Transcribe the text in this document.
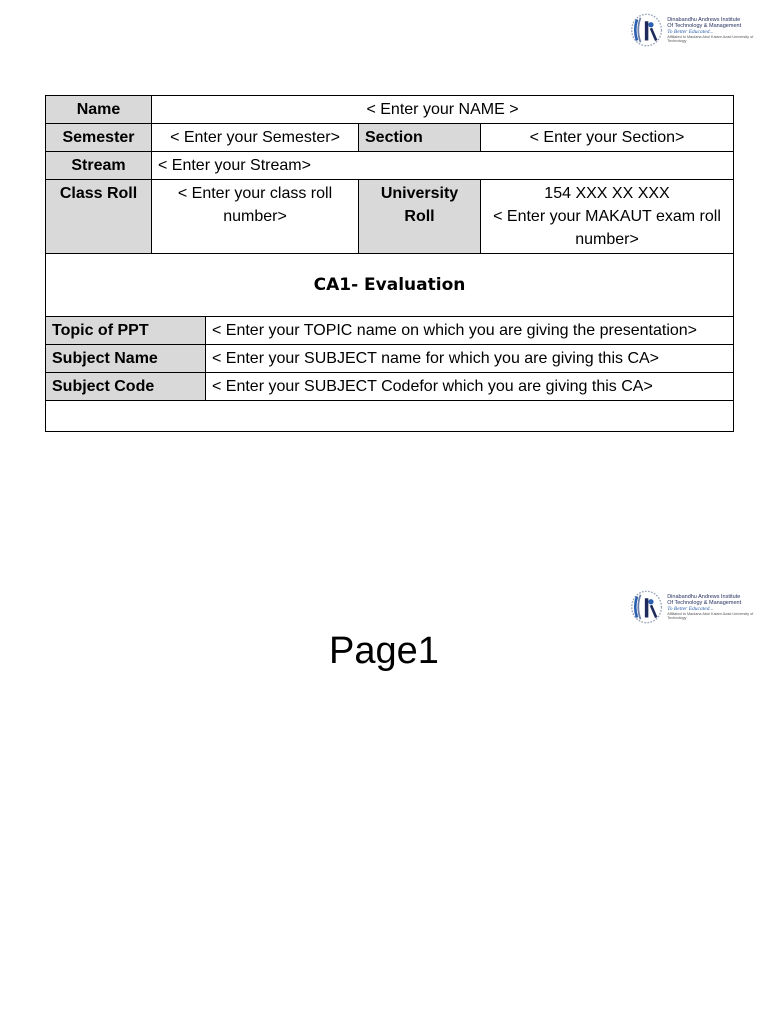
Dinabandhu Andrews Institute
Of Technology & Management
To Better Educated...
Affiliated to Maulana Abul Kalam Azad University of Technology
Name	< Enter your NAME >			
Semester	< Enter your Semester>		Section	< Enter your Section>
Stream	< Enter your Stream>			
Class Roll	< Enter your class roll number>		University Roll	154 XXX XX XXX
< Enter your MAKAUT exam roll number>

CA1- Evaluation				
Topic of PPT		< Enter your TOPIC name on which you are giving the presentation>		
Subject Name		< Enter your SUBJECT name for which you are giving this CA>		
Subject Code		< Enter your SUBJECT Codefor which you are giving this CA>		

Dinabandhu Andrews Institute
Of Technology & Management
To Better Educated...
Affiliated to Maulana Abul Kalam Azad University of Technology
Page1
